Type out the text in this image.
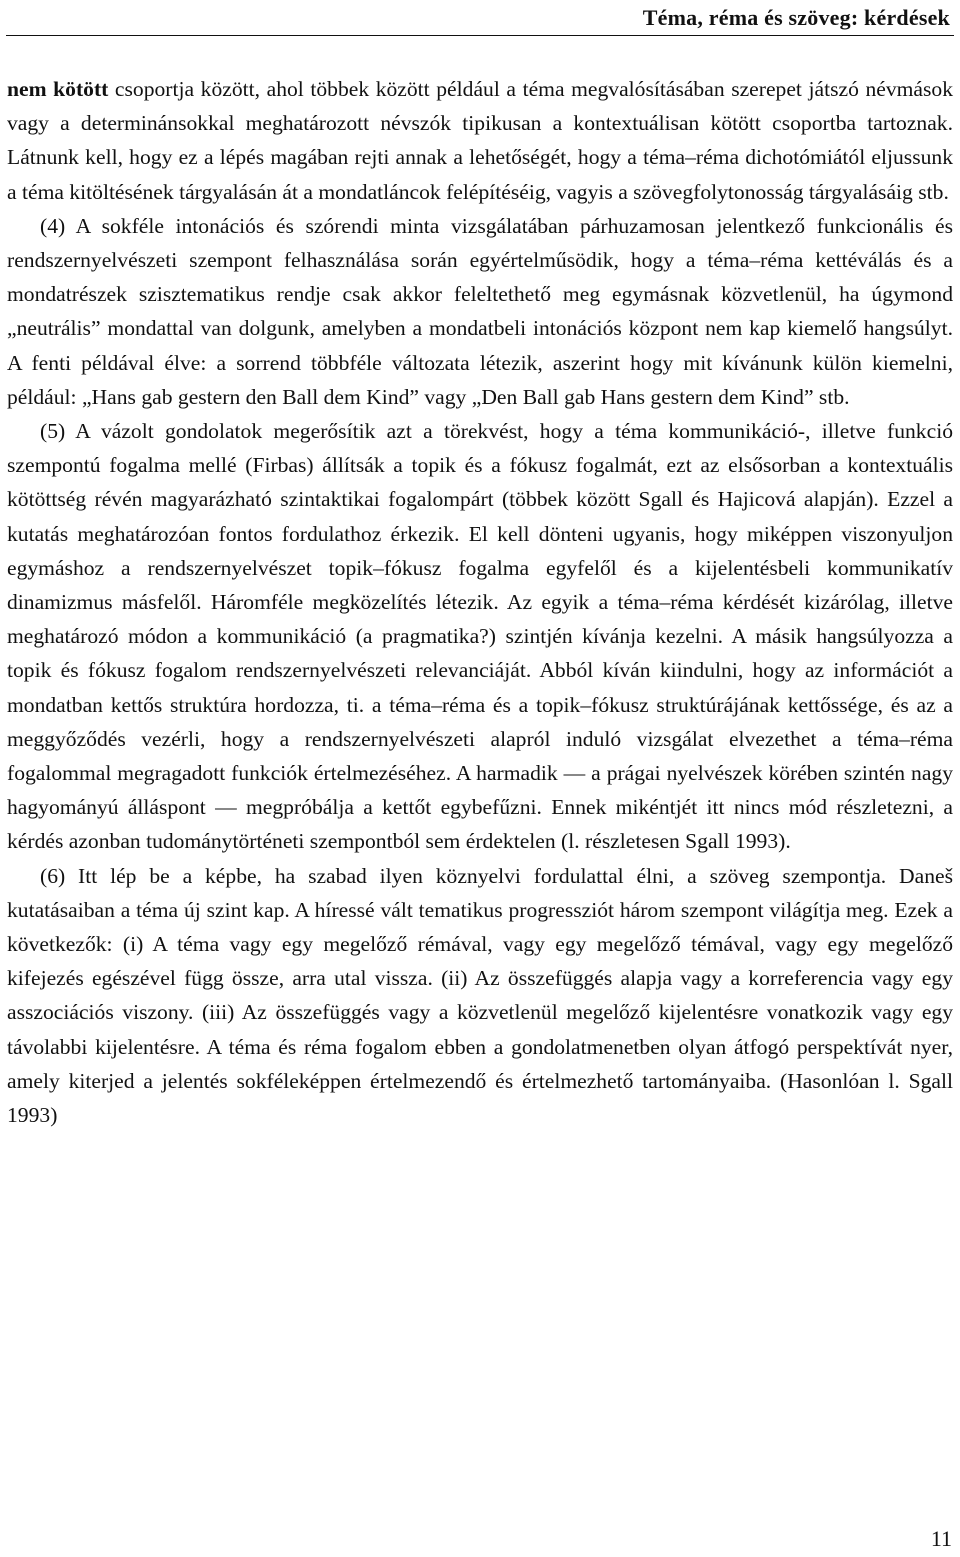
Téma, réma és szöveg: kérdések

nem kötött csoportja között, ahol többek között például a téma megvalósításában szerepet játszó névmások vagy a determinánsokkal meghatározott névszók tipikusan a kontextuálisan kötött csoportba tartoznak. Látnunk kell, hogy ez a lépés magában rejti annak a lehetőségét, hogy a téma–réma dichotómiától eljussunk a téma kitöltésének tárgyalásán át a mondatláncok felépítéséig, vagyis a szövegfolytonosság tárgyalásáig stb.

(4) A sokféle intonációs és szórendi minta vizsgálatában párhuzamosan jelentkező funkcionális és rendszernyelvészeti szempont felhasználása során egyértelműsödik, hogy a téma–réma kettéválás és a mondatrészek szisztematikus rendje csak akkor feleltethető meg egymásnak közvetlenül, ha úgymond „neutrális” mondattal van dolgunk, amelyben a mondatbeli intonációs központ nem kap kiemelő hangsúlyt. A fenti példával élve: a sorrend többféle változata létezik, aszerint hogy mit kívánunk külön kiemelni, például: „Hans gab gestern den Ball dem Kind” vagy „Den Ball gab Hans gestern dem Kind” stb.

(5) A vázolt gondolatok megerősítik azt a törekvést, hogy a téma kommunikáció-, illetve funkció szempontú fogalma mellé (Firbas) állítsák a topik és a fókusz fogalmát, ezt az elsősorban a kontextuális kötöttség révén magyarázható szintaktikai fogalompárt (többek között Sgall és Hajicová alapján). Ezzel a kutatás meghatározóan fontos fordulathoz érkezik. El kell dönteni ugyanis, hogy miképpen viszonyuljon egymáshoz a rendszernyelvészet topik–fókusz fogalma egyfelől és a kijelentésbeli kommunikatív dinamizmus másfelől. Háromféle megközelítés létezik. Az egyik a téma–réma kérdését kizárólag, illetve meghatározó módon a kommunikáció (a pragmatika?) szintjén kívánja kezelni. A másik hangsúlyozza a topik és fókusz fogalom rendszernyelvészeti relevanciáját. Abból kíván kiindulni, hogy az információt a mondatban kettős struktúra hordozza, ti. a téma–réma és a topik–fókusz struktúrájának kettőssége, és az a meggyőződés vezérli, hogy a rendszernyelvészeti alapról induló vizsgálat elvezethet a téma–réma fogalommal megragadott funkciók értelmezéséhez. A harmadik — a prágai nyelvészek körében szintén nagy hagyományú álláspont — megpróbálja a kettőt egybefűzni. Ennek mikéntjét itt nincs mód részletezni, a kérdés azonban tudománytörténeti szempontból sem érdektelen (l. részletesen Sgall 1993).

(6) Itt lép be a képbe, ha szabad ilyen köznyelvi fordulattal élni, a szöveg szempontja. Daneš kutatásaiban a téma új szint kap. A híressé vált tematikus progressziót három szempont világítja meg. Ezek a következők: (i) A téma vagy egy megelőző rémával, vagy egy megelőző témával, vagy egy megelőző kifejezés egészével függ össze, arra utal vissza. (ii) Az összefüggés alapja vagy a korreferencia vagy egy asszociációs viszony. (iii) Az összefüggés vagy a közvetlenül megelőző kijelentésre vonatkozik vagy egy távolabbi kijelentésre. A téma és réma fogalom ebben a gondolatmenetben olyan átfogó perspektívát nyer, amely kiterjed a jelentés sokféleképpen értelmezendő és értelmezhető tartományaiba. (Hasonlóan l. Sgall 1993)

11
